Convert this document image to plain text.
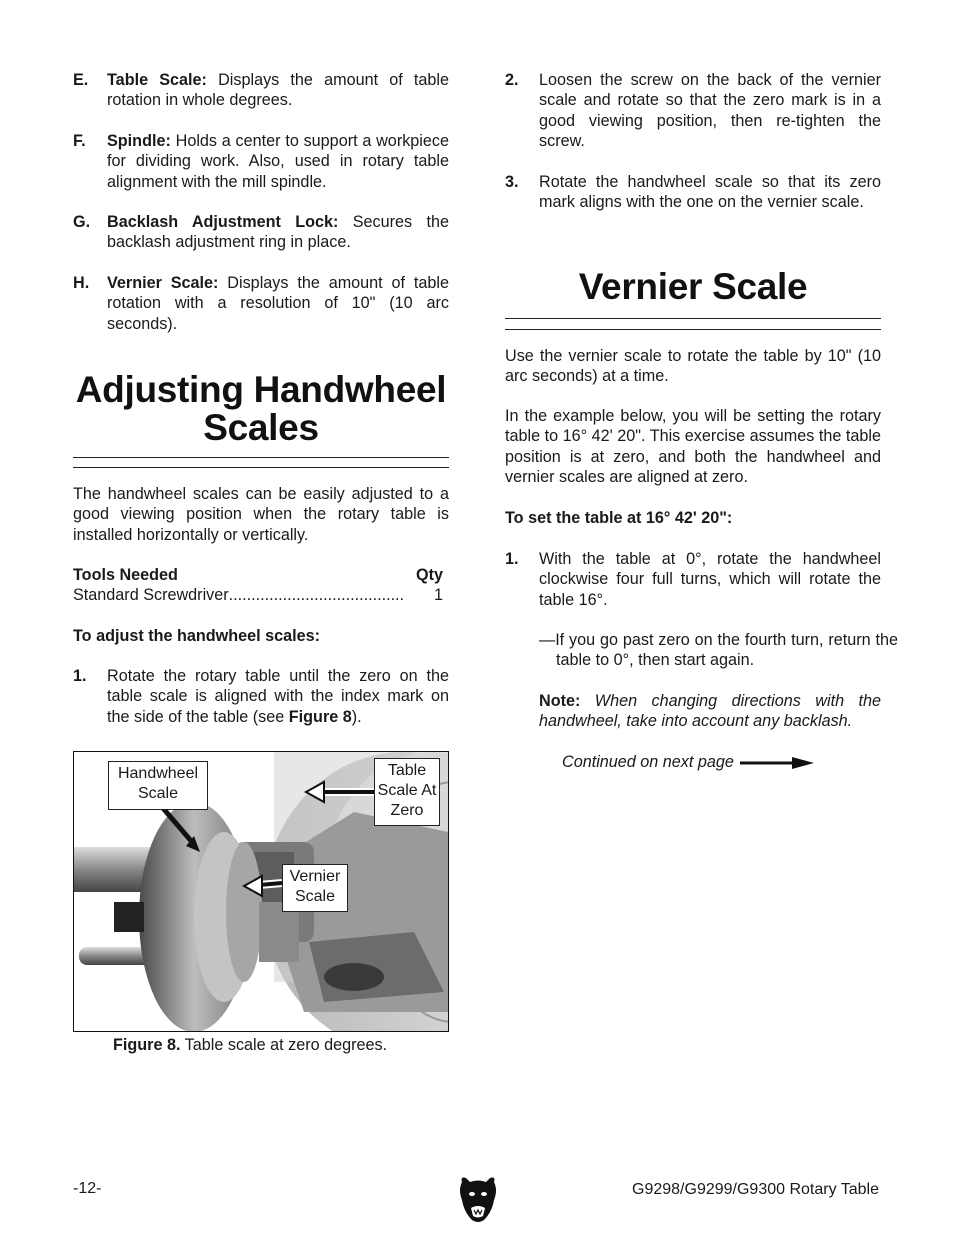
E. Table Scale: Displays the amount of table rotation in whole degrees.
F. Spindle: Holds a center to support a workpiece for dividing work. Also, used in rotary table alignment with the mill spindle.
G. Backlash Adjustment Lock: Secures the backlash adjustment ring in place.
H. Vernier Scale: Displays the amount of table rotation with a resolution of 10" (10 arc seconds).
Adjusting Handwheel
Scales

The handwheel scales can be easily adjusted to a good viewing position when the rotary table is installed horizontally or vertically.

Tools Needed	Qty
Standard Screwdriver .......................................	1

To adjust the handwheel scales:

1. Rotate the rotary table until the zero on the table scale is aligned with the index mark on the side of the table (see Figure 8).
Handwheel Scale
Table Scale At Zero
Vernier Scale

Figure 8. Table scale at zero degrees.

2. Loosen the screw on the back of the vernier scale and rotate so that the zero mark is in a good viewing position, then re-tighten the screw.
3. Rotate the handwheel scale so that its zero mark aligns with the one on the vernier scale.
Vernier Scale

Use the vernier scale to rotate the table by 10" (10 arc seconds) at a time.

In the example below, you will be setting the rotary table to 16° 42' 20". This exercise assumes the table position is at zero, and both the handwheel and vernier scales are aligned at zero.

To set the table at 16° 42' 20":

1. With the table at 0°, rotate the handwheel clockwise four full turns, which will rotate the table 16°.

—If you go past zero on the fourth turn, return the table to 0°, then start again.

Note: When changing directions with the handwheel, take into account any backlash.

Continued on next page
-12-	G9298/G9299/G9300 Rotary Table
